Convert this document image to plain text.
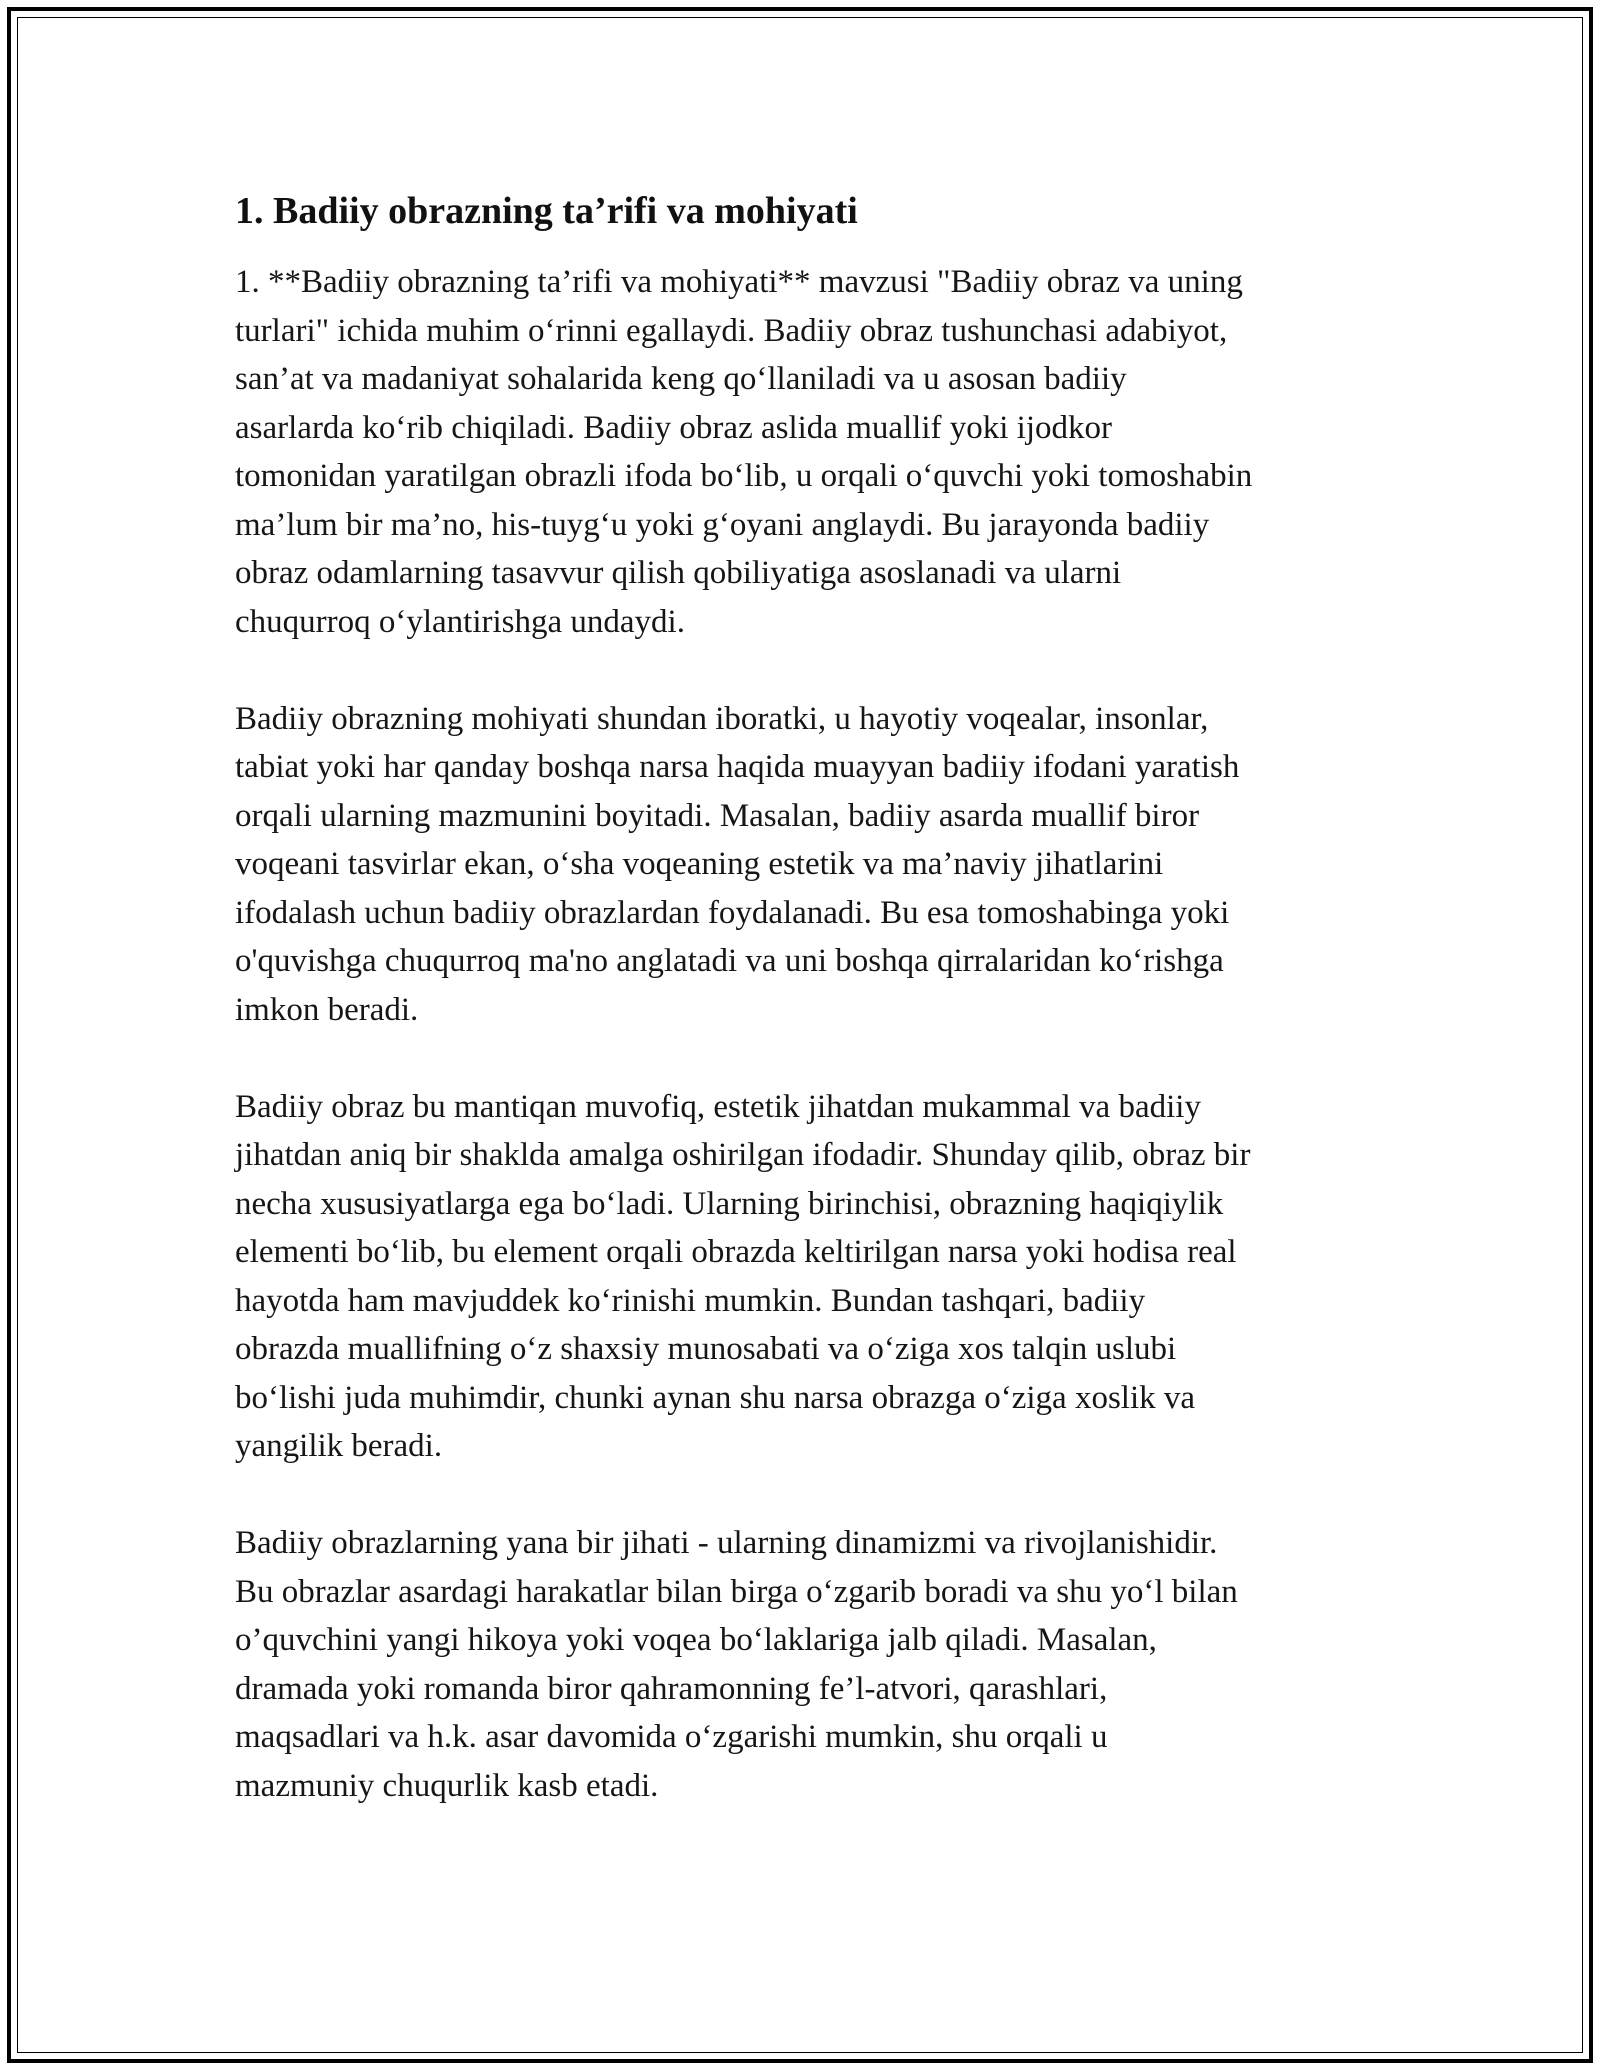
1. Badiiy obrazning ta’rifi va mohiyati

1. **Badiiy obrazning ta’rifi va mohiyati** mavzusi "Badiiy obraz va uning
turlari" ichida muhim o‘rinni egallaydi. Badiiy obraz tushunchasi adabiyot,
san’at va madaniyat sohalarida keng qo‘llaniladi va u asosan badiiy
asarlarda ko‘rib chiqiladi. Badiiy obraz aslida muallif yoki ijodkor
tomonidan yaratilgan obrazli ifoda bo‘lib, u orqali o‘quvchi yoki tomoshabin
ma’lum bir ma’no, his-tuyg‘u yoki g‘oyani anglaydi. Bu jarayonda badiiy
obraz odamlarning tasavvur qilish qobiliyatiga asoslanadi va ularni
chuqurroq o‘ylantirishga undaydi.

Badiiy obrazning mohiyati shundan iboratki, u hayotiy voqealar, insonlar,
tabiat yoki har qanday boshqa narsa haqida muayyan badiiy ifodani yaratish
orqali ularning mazmunini boyitadi. Masalan, badiiy asarda muallif biror
voqeani tasvirlar ekan, o‘sha voqeaning estetik va ma’naviy jihatlarini
ifodalash uchun badiiy obrazlardan foydalanadi. Bu esa tomoshabinga yoki
o'quvishga chuqurroq ma'no anglatadi va uni boshqa qirralaridan ko‘rishga
imkon beradi.

Badiiy obraz bu mantiqan muvofiq, estetik jihatdan mukammal va badiiy
jihatdan aniq bir shaklda amalga oshirilgan ifodadir. Shunday qilib, obraz bir
necha xususiyatlarga ega bo‘ladi. Ularning birinchisi, obrazning haqiqiylik
elementi bo‘lib, bu element orqali obrazda keltirilgan narsa yoki hodisa real
hayotda ham mavjuddek ko‘rinishi mumkin. Bundan tashqari, badiiy
obrazda muallifning o‘z shaxsiy munosabati va o‘ziga xos talqin uslubi
bo‘lishi juda muhimdir, chunki aynan shu narsa obrazga o‘ziga xoslik va
yangilik beradi.

Badiiy obrazlarning yana bir jihati - ularning dinamizmi va rivojlanishidir.
Bu obrazlar asardagi harakatlar bilan birga o‘zgarib boradi va shu yo‘l bilan
o’quvchini yangi hikoya yoki voqea bo‘laklariga jalb qiladi. Masalan,
dramada yoki romanda biror qahramonning fe’l-atvori, qarashlari,
maqsadlari va h.k. asar davomida o‘zgarishi mumkin, shu orqali u
mazmuniy chuqurlik kasb etadi.
